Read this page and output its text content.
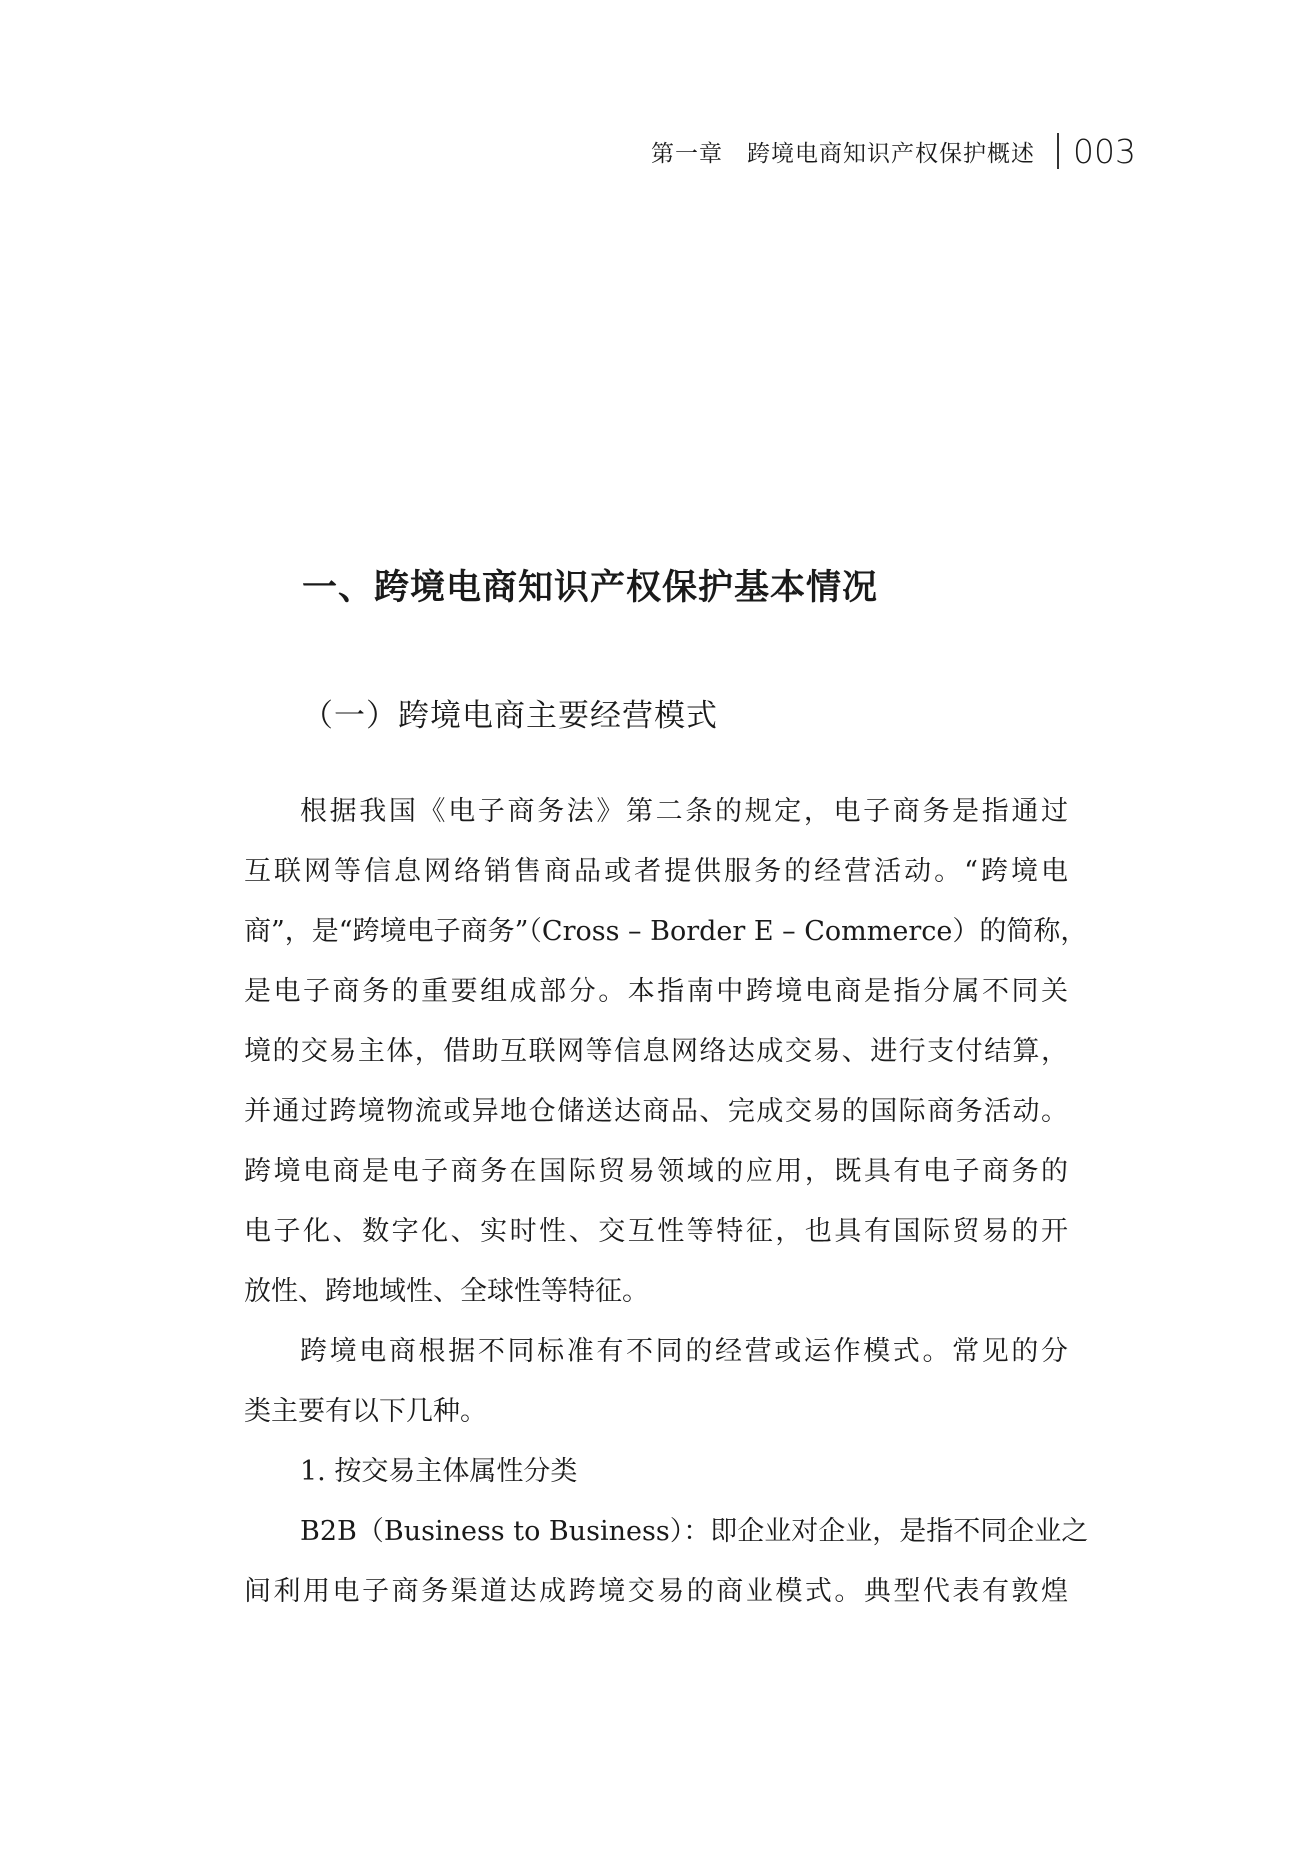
第一章　跨境电商知识产权保护概述 003
一、跨境电商知识产权保护基本情况
（一）跨境电商主要经营模式
根据我国《电子商务法》第二条的规定，电子商务是指通过
互联网等信息网络销售商品或者提供服务的经营活动。“跨境电
商”，是“跨境电子商务”（Cross – Border E – Commerce）的简称，
是电子商务的重要组成部分。本指南中跨境电商是指分属不同关
境的交易主体，借助互联网等信息网络达成交易、进行支付结算，
并通过跨境物流或异地仓储送达商品、完成交易的国际商务活动。
跨境电商是电子商务在国际贸易领域的应用，既具有电子商务的
电子化、数字化、实时性、交互性等特征，也具有国际贸易的开
放性、跨地域性、全球性等特征。
跨境电商根据不同标准有不同的经营或运作模式。常见的分
类主要有以下几种。
1. 按交易主体属性分类
B2B（Business to Business）：即企业对企业，是指不同企业之
间利用电子商务渠道达成跨境交易的商业模式。典型代表有敦煌
